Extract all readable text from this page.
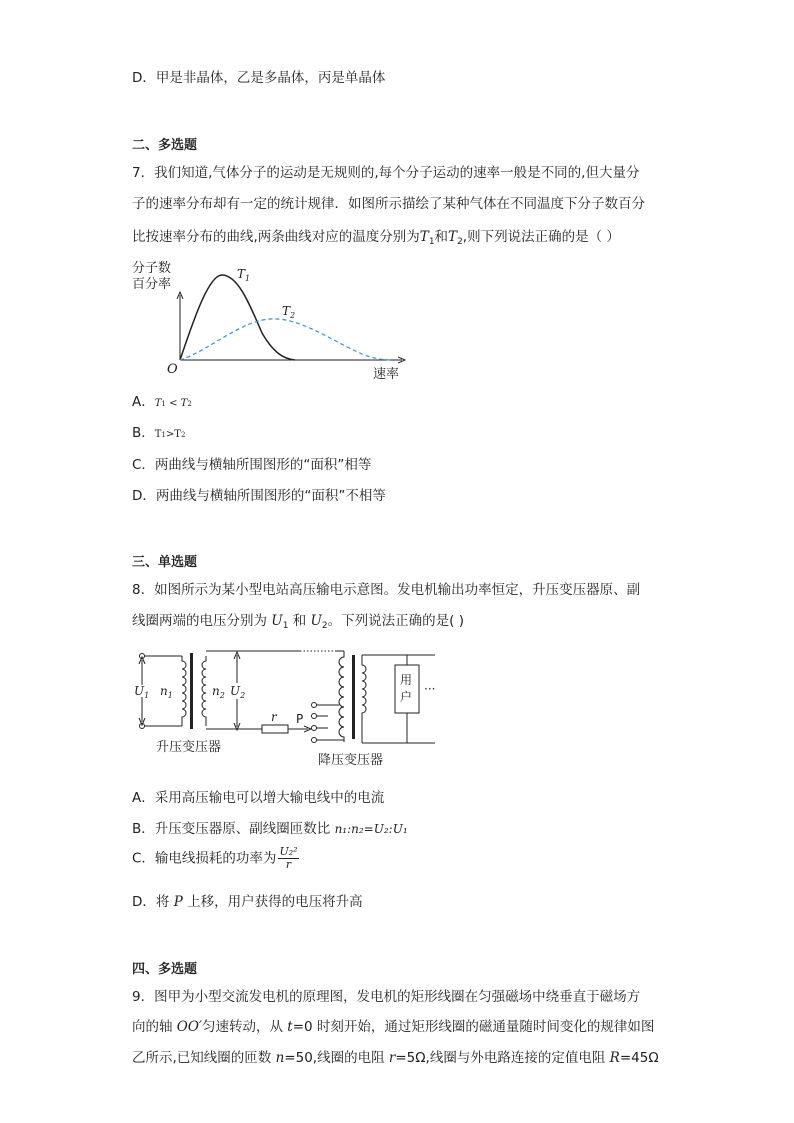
D．甲是非晶体，乙是多晶体，丙是单晶体
二、多选题
7．我们知道,气体分子的运动是无规则的,每个分子运动的速率一般是不同的,但大量分
子的速率分布却有一定的统计规律．如图所示描绘了某种气体在不同温度下分子数百分
比按速率分布的曲线,两条曲线对应的温度分别为$T_1$和$T_2$,则下列说法正确的是（ ）
分子数
百分率
O	速率
$T_1$
$T_2$
A．T1 < T2
B．T1>T2
C．两曲线与横轴所围图形的“面积”相等
D．两曲线与横轴所围图形的“面积”不相等
三、单选题
8．如图所示为某小型电站高压输电示意图。发电机输出功率恒定，升压变压器原、副
线圈两端的电压分别为 $U_1$ 和 $U_2$。下列说法正确的是( )
$U_1$ $n_1$	$n_2$ $U_2$
r P
用
户
···
升压变压器
降压变压器
A．采用高压输电可以增大输电线中的电流
B．升压变压器原、副线圈匝数比 n₁:n₂=U₂:U₁
C．输电线损耗的功率为 $\frac{\text{U₂²}}{r}$
D．将 P 上移，用户获得的电压将升高
四、多选题
9．图甲为小型交流发电机的原理图，发电机的矩形线圈在匀强磁场中绕垂直于磁场方
向的轴 OO′匀速转动，从 t=0 时刻开始，通过矩形线圈的磁通量随时间变化的规律如图
乙所示,已知线圈的匝数 n=50,线圈的电阻 r=5Ω,线圈与外电路连接的定值电阻 R=45Ω
